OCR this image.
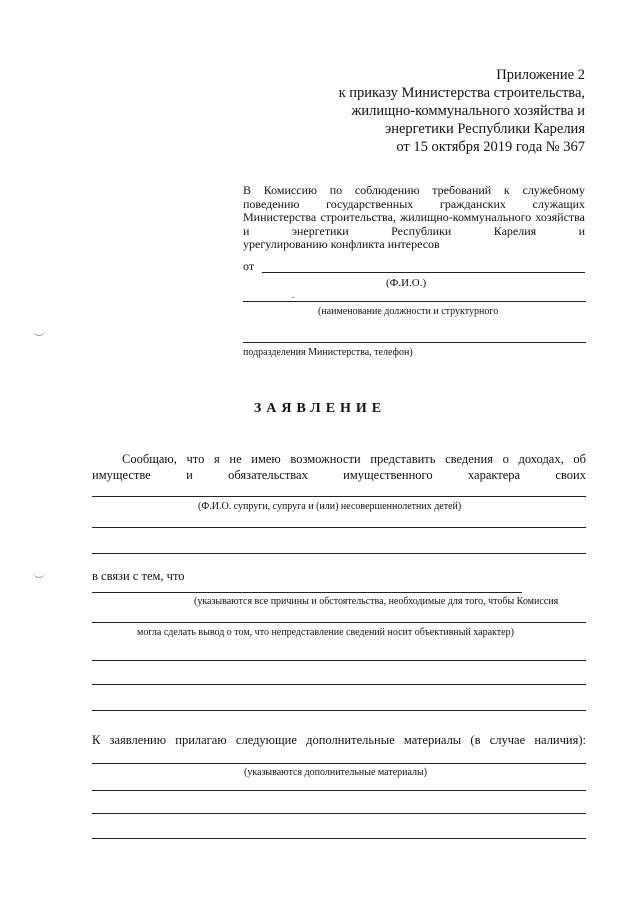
Приложение 2
к приказу Министерства строительства,
жилищно-коммунального хозяйства и
энергетики Республики Карелия
от 15 октября 2019 года № 367
В Комиссию по соблюдению требований к служебному поведению государственных гражданских служащих Министерства строительства, жилищно-коммунального хозяйства и энергетики Республики Карелия и
урегулированию конфликта интересов
от
(Ф.И.О.)
(наименование должности и структурного
подразделения Министерства, телефон)
ЗАЯВЛЕНИЕ
Сообщаю, что я не имею возможности представить сведения о доходах, об
имуществе и обязательствах имущественного характера своих
(Ф.И.О. супруги, супруга и (или) несовершеннолетних детей)
в связи с тем, что
(указываются все причины и обстоятельства, необходимые для того, чтобы Комиссия
могла сделать вывод о том, что непредставление сведений носит объективный характер)
К заявлению прилагаю следующие дополнительные материалы (в случае наличия):
(указываются дополнительные материалы)
